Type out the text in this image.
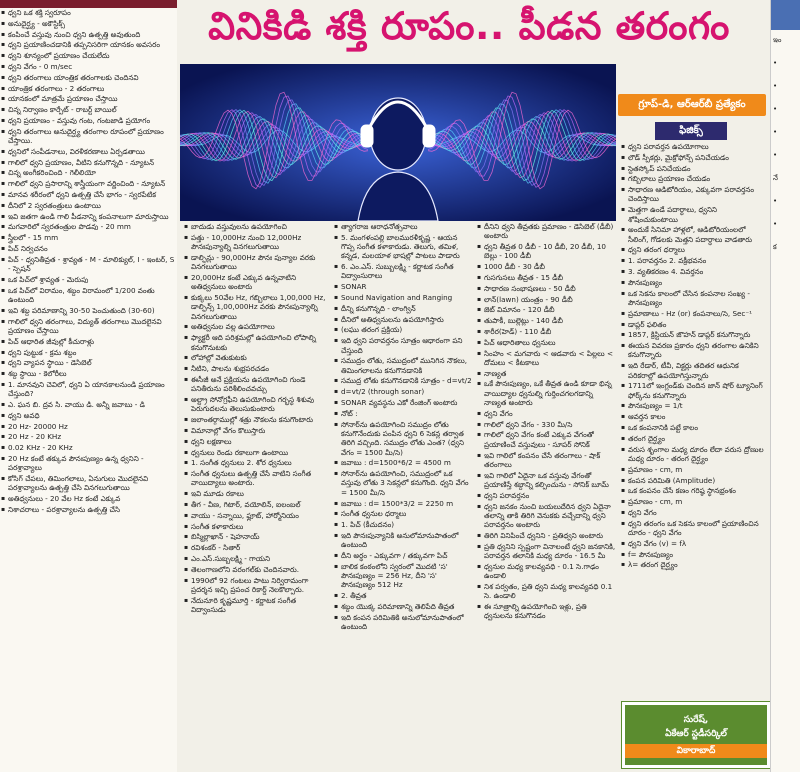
▪ ధ్వని ఒక శక్తి స్వరూపం

▪ అనుదైర్ఘ్య - అకౌస్టిక్స్

▪ కంపించే వస్తువు నుంచి ధ్వని ఉత్పత్తి అవుతుంది

▪ ధ్వని ప్రయాణించడానికి తప్పనిసరిగా యానకం అవసరం

▪ ధ్వని శూన్యంలో ప్రయాణం చేయలేదు

▪ ధ్వని వేగం - 0 m/sec

▪ ధ్వని తరంగాలు యాంత్రిక తరంగాలకు చెందినవి

▪ యాంత్రిక తరంగాలు - 2 తరంగాలు

▪ యానకంలో మాత్రమే ప్రయాణం చేస్తాయి

▪ చిన్న నిర్వాణం కార్పేట్ - రాబర్ట్ బాయిల్

▪ ధ్వని ప్రయాణం - వస్తువు గంట, గంటజాడి ప్రయోగం

▪ ధ్వని తరంగాలు అనుదైర్ఘ్య తరంగాల రూపంలో ప్రయాణం చేస్తాయి.

▪ ధ్వనిలో సంపీడనాలు, విరళీకరణాలు ఏర్పడతాయి

▪ గాలిలో ధ్వని ప్రయాణం, వీటిని కనుగొన్నది - న్యూటన్

▪ చిన్న అంగీకరించింది - గెలీలియో

▪ గాలిలో ధ్వని ప్రసారాన్ని శాస్త్రీయంగా వర్ణించింది - న్యూటన్

▪ మానవ శరీరంలో ధ్వని ఉత్పత్తి చేసే భాగం - స్వరపేటిక

▪ దీనిలో 2 స్వరతంత్రులు ఉంటాయి

▪ ఇవి జతగా ఉండి గాలి పీడనాన్ని కంపనాలుగా మారుస్తాయి

▪ మగవారిలో స్వరతంత్రుల పొడవు - 20 mm

▪ స్త్రీలలో - 15 mm

▪ పిచ్ నిర్వచనం

▪ పిచ్ - ధ్వనితీవ్రత - శ్రావ్యత - M - మాలిక్యుల్, I - ఇంటర్, S - స్పెషన్

▪ ఒక పిచ్‌లో శ్రావ్యత - మెరుపు

▪ ఒక పిచ్‌లో విరామం, శబ్దం విరామంలో 1/200 వంతు ఉంటుంది

▪ ఇవి శబ్ద పరిమాణాన్ని 30-50 పెంచుతుంది (30-60)

▪ గాలిలో ధ్వని తరంగాలు, విద్యుత్ తరంగాలు మొదలైనవి ప్రయాణం చేస్తాయి

▪ పిచ్ ఆధారిత జీవుల్లో కీచురాళ్లు

▪ ధ్వని పుట్టుక - క్రమ శబ్దం

▪ ధ్వని వ్యాపన స్థాయి - డెసిబెల్

▪ శబ్ద స్థాయి - కెలోరీలు

▪ 1. మానవుని చెవిలో, ధ్వని ఏ యానకాలనుండి ప్రయాణం చేస్తుంది?

▪ ఎ. ఘన బి. ద్రవ సి. వాయు డి. అన్నీ జవాబు - డి

▪ ధ్వని అవధి

▪ 20 Hz- 20000 Hz

▪ 20 Hz - 20 KHz

▪ 0.02 KHz - 20 KHz

▪ 20 Hz కంటే తక్కువ పౌనఃపుణ్యం ఉన్న ధ్వనిని - పరశ్రావ్యాలు

▪ కోసిగ్ చేపలు, తిమింగలాలు, ఏనుగులు మొదలైనవి పరశ్రావ్యాలను ఉత్పత్తి చేసి వినగలుగుతాయి

▪ అతిధ్వనులు - 20 వేల Hz కంటే ఎక్కువ

▪ నిశాచరాలు - పరశ్రావ్యాలను ఉత్పత్తి చేసి

వినికిడి శక్తి రూపం.. పీడన తరంగం
గ్రూప్-డి, ఆర్ఆర్‌బీ ప్రత్యేకం
ఫిజిక్స్

▪ బాదుడు వస్తువులను ఉపయోగించి

▪ పత్తు - 10,000Hz నుంచి 12,000Hz పౌనఃపున్యాల్ని వినగలుగుతాయి

▪ డాల్ఫిన్లు - 90,000Hz పౌనః పున్యాల వరకు వినగలుగుతాయి

▪ 20,000Hz కంటే ఎక్కువ ఉన్నవాటిని అతిధ్వనులు అంటారు

▪ కుక్కలు 50వేల Hz, గబ్బిలాలు 1,00,000 Hz, డాల్ఫిన్స్ 1,00,000Hz వరకు పౌనఃపున్యాల్ని వినగలుగుతాయి

▪ అతిధ్వనుల వల్ల ఉపయోగాలు

▪ ఫ్యాక్టరీ ఆది పరిశ్రమల్లో ఉపయోగించి లోపాల్ని కనుగొనుటకు

▪ లోహాల్లో వెతుకుటకు

▪ నీటిని, పాలను శుభ్రపరచడం

▪ ఈసీజీ అనే ప్రక్రియను ఉపయోగించి గుండె పనితీరును పరిశీలించవచ్చు

▪ అల్ట్రా సోనోగ్రఫీని ఉపయోగించి గర్భస్థ శిశువు పెరుగుదలను తెలుసుకుంటారు

▪ జలాంతర్గాముల్లో శత్రు నౌకలను కనుగొంటారు

▪ విమానాల్లో వేగం కొలుస్తారు

▪ ధ్వని లక్షణాలు

▪ ధ్వనులు రెండు రకాలుగా ఉంటాయి

▪ 1. సంగీత ధ్వనులు 2. శోర ధ్వనులు

▪ సంగీత ధ్వనులు ఉత్పత్తి చేసే వాటిని సంగీత వాయిద్యాలు అంటారు.

▪ ఇవి మూడు రకాలు

▪ తీగ - వీణ, గిటార్, వయోలిన్, ఐలంబల్

▪ వాయు - సన్నాయి, ఫ్లూట్, హార్మోనియం

▪ సంగీత కళాకారులు

▪ బిస్మిల్లాఖాన్ - షెహనాయ్

▪ రవిశంకర్ - సితార్

▪ ఎం.ఎస్.సుబ్బలక్ష్మి - గాయని

▪ తెలంగాణలోని వరంగల్‌కు చెందినవారు.

▪ 1990లో 92 గంటలు పాటు నిర్విరామంగా ప్రదర్శన ఇచ్చి ప్రపంచ రికార్డ్ నెలకొల్పారు.

▪ నేదునూరి కృష్ణమూర్తి - కర్ణాటక సంగీత విద్వాంసుడు

▪ త్యాగరాజ ఆరాధనోత్సవాలు

▪ 5. మంగళంపల్లి బాలమురళీకృష్ణ - ఆయన గొప్ప సంగీత కళాకారుడు. తెలుగు, తమిళ, కన్నడ, మలయాళ భాషల్లో పాటలు పాడారు

▪ 6. ఎం.ఎస్. సుబ్బులక్ష్మి - కర్ణాటక సంగీత విద్వాంసురాలు

▪ SONAR

▪ Sound Navigation and Ranging

▪ దీన్ని కనుగొన్నది - లాంగ్విన్

▪ దీనిలో అతిధ్వనులను ఉపయోగిస్తారు

▪ (లఘు తరంగ ప్రక్రియ)

▪ ఇది ధ్వని పరావర్తనం సూత్రం ఆధారంగా పని చేస్తుంది

▪ సముద్రం లోతు, సముద్రంలో మునిగిన నౌకలు, తిమింగలాలను కనుగొనడానికి

▪ సముద్ర లోతు కనుగొనడానికి సూత్రం - d=vt/2

▪ d=vt/2 (through sonar)

▪ SONAR వ్యవస్థను ఎకో రేంజింగ్ అంటారు

▪ నోట్ :

▪ సోనార్‌ను ఉపయోగించి సముద్రం లోతు కనుగొనేందుకు పంపిన ధ్వని 6 సెకన్ల తర్వాత తిరిగి వచ్చింది. సముద్రం లోతు ఎంత? (ధ్వని వేగం = 1500 మీ/సె)

▪ జవాబు : d=1500*6/2 = 4500 m

▪ సోనార్‌ను ఉపయోగించి, సముద్రంలో ఒక వస్తువు లోతు 3 సెకన్లలో కనుగొంది. ధ్వని వేగం = 1500 మీ/సె

▪ జవాబు : d= 1500*3/2 = 2250 m

▪ సంగీత ధ్వనుల ధర్మాలు

▪ 1. పిచ్ (కీచుదనం)

▪ ఇది పౌనఃపున్యానికి అనులోమానుపాతంలో ఉంటుంది

▪ దీని అర్థం - ఎక్కువగా / తక్కువగా పిచ్

▪ బాలిక కంఠంలోని స్వరంలో మొదటి 'స' పౌనఃపుణ్యం = 256 Hz, దీని 'స' పౌనఃపుణ్యం 512 Hz

▪ 2. తీవ్రత

▪ శబ్దం యొక్క పరిమాణాన్ని తెలిపేది తీవ్రత

▪ ఇది కంపన పరిమితికి అనులోమానుపాతంలో ఉంటుంది

▪ దీనిని ధ్వని తీవ్రతకు ప్రమాణం - డెసిబెల్ (డీబీ) అంటారు

▪ ధ్వని తీవ్రత 0 డీబీ - 10 డీబీ, 20 డీబీ, 10 బెల్లు - 100 డీబీ

▪ 1000 డీబీ - 30 డీబీ

▪ గుసగుసలు తీవ్రత - 15 డీబీ

▪ సాధారణ సంభాషణలు - 50 డీబీ

▪ లాన్(lawn) యంత్రం - 90 డీబీ

▪ జెట్ విమానం - 120 డీబీ

▪ తుపాకీ, బుల్లెట్లు - 140 డీబీ

▪ శారీర(హెడ్) - 110 డీబీ

▪ పిచ్ ఆధారితాలు ధ్వనులు

▪ సింహం < మగవారు < ఆడవారు < పిల్లలు < దోమలు < కీటకాలు

▪ నాణ్యత

▪ ఒకే పౌనఃపుణ్యం, ఒకే తీవ్రత ఉండి కూడా భిన్న వాయిద్యాల ధ్వనుల్ని గుర్తించగలగడాన్ని నాణ్యత అంటారు

▪ ధ్వని వేగం

▪ గాలిలో ధ్వని వేగం - 330 మీ/సె

▪ గాలిలో ధ్వని వేగం కంటే ఎక్కువ వేగంతో ప్రయాణించే వస్తువులు - సూపర్ సోనిక్

▪ ఇవి గాలిలో కంపనం చేసే తరంగాలు - షాక్ తరంగాలు

▪ ఇవి గాలిలో ఏదైనా ఒక వస్తువు వేగంతో ప్రయాణిస్తే శబ్దాన్ని కల్పించును - సోనిక్ బూమ్

▪ ధ్వని పరావర్తనం

▪ ధ్వని జనకం నుంచి బయలుదేరిన ధ్వని ఏదైనా తలాన్ని తాకి తిరిగి వెనుకకు వచ్చేదాన్ని ధ్వని పరావర్తనం అంటారు

▪ తిరిగి వినిపించే ధ్వనిని - ప్రతిధ్వని అంటారు

▪ ప్రతి ధ్వనిని స్పష్టంగా వినాలంటే ధ్వని జనకానికి, పరావర్తన తలానికి మధ్య దూరం - 16.5 మీ

▪ ధ్వనుల మధ్య కాలవ్యవధి - 0.1 సె.గాఢం ఉండాలి

▪ నిశ పర్వతం, ప్రతి ధ్వని మధ్య కాలవ్యవధి 0.1 సె. ఉండాలి

▪ ఈ సూత్రాల్ని ఉపయోగించి ఇళ్లు, ప్రతి ధ్వనులను కనుగొనడం

▪ ధ్వని పరావర్తన ఉపయోగాలు

▪ లౌడ్ స్పీకర్లు, మైక్రోఫోన్స్ పనిచేయడం

▪ స్టెతస్కోప్ పనిచేయడం

▪ గబ్బిలాలు ప్రయాణం చేయడం

▪ సాధారణ ఆడిటోరియం, ఎక్కువగా పరావర్తనం చెందిస్తాయి

▪ మెత్తగా ఉండే పదార్థాలు, ధ్వనిని శోషించుకుంటాయి

▪ అందుకే సినిమా హాళ్లలో, ఆడిటోరియంలలో సీలింగ్, గోడలకు మెత్తని పదార్థాలు వాడతారు

▪ ధ్వని తరంగ ధర్మాలు

▪ 1. పరావర్తనం 2. వక్రీభవనం

▪ 3. వ్యతికరణం 4. వివర్తనం

▪ పౌనఃపుణ్యం

▪ ఒక సెకను కాలంలో చేసిన కంపనాల సంఖ్య - పౌనఃపుణ్యం

▪ ప్రమాణాలు - Hz (or) కంపనాలు/సె, Sec⁻¹

▪ డాప్లర్ ఫలితం

▪ 1857, క్రిస్టియన్ జొహన్ డాప్లర్ కనుగొన్నారు

▪ ఈయన వివరణ ప్రకారం ధ్వని తరంగాల ఉనికిని కనుగొన్నారు

▪ ఇది రేడార్, టీవీ, విక్టర్లు తదితర ఆధునిక పరికరాల్లో ఉపయోగిస్తున్నారు

▪ 1711లో ఇంగ్లండ్‌కు చెందిన జాన్ షోర్ ట్యూనింగ్ ఫోర్క్‌ను కనుగొన్నారు

▪ పౌనఃపుణ్యం = 1/t

▪ ఆవర్తన కాలం

▪ ఒక కంపనానికి పట్టే కాలం

▪ తరంగ దైర్ఘ్యం

▪ వరుస శృంగాల మధ్య దూరం లేదా వరుస ద్రోణుల మధ్య దూరం - తరంగ దైర్ఘ్యం

▪ ప్రమాణం - cm, m

▪ కంపన పరిమితి (Amplitude)

▪ ఒక కంపనం చేసే కణం గరిష్ఠ స్థానభ్రంశం

▪ ప్రమాణం - cm, m

▪ ధ్వని వేగం

▪ ధ్వని తరంగం ఒక సెకను కాలంలో ప్రయాణించిన దూరం - ధ్వని వేగం

▪ ధ్వని వేగం (v) = fλ

▪ f= పౌనఃపుణ్యం

▪ λ= తరంగ దైర్ఘ్యం

సురేష్,
ఏకేఆర్ స్టడీసర్కిల్
వికారాబాద్
ఇం
•
•
•
•
•
నే
•
•
క
